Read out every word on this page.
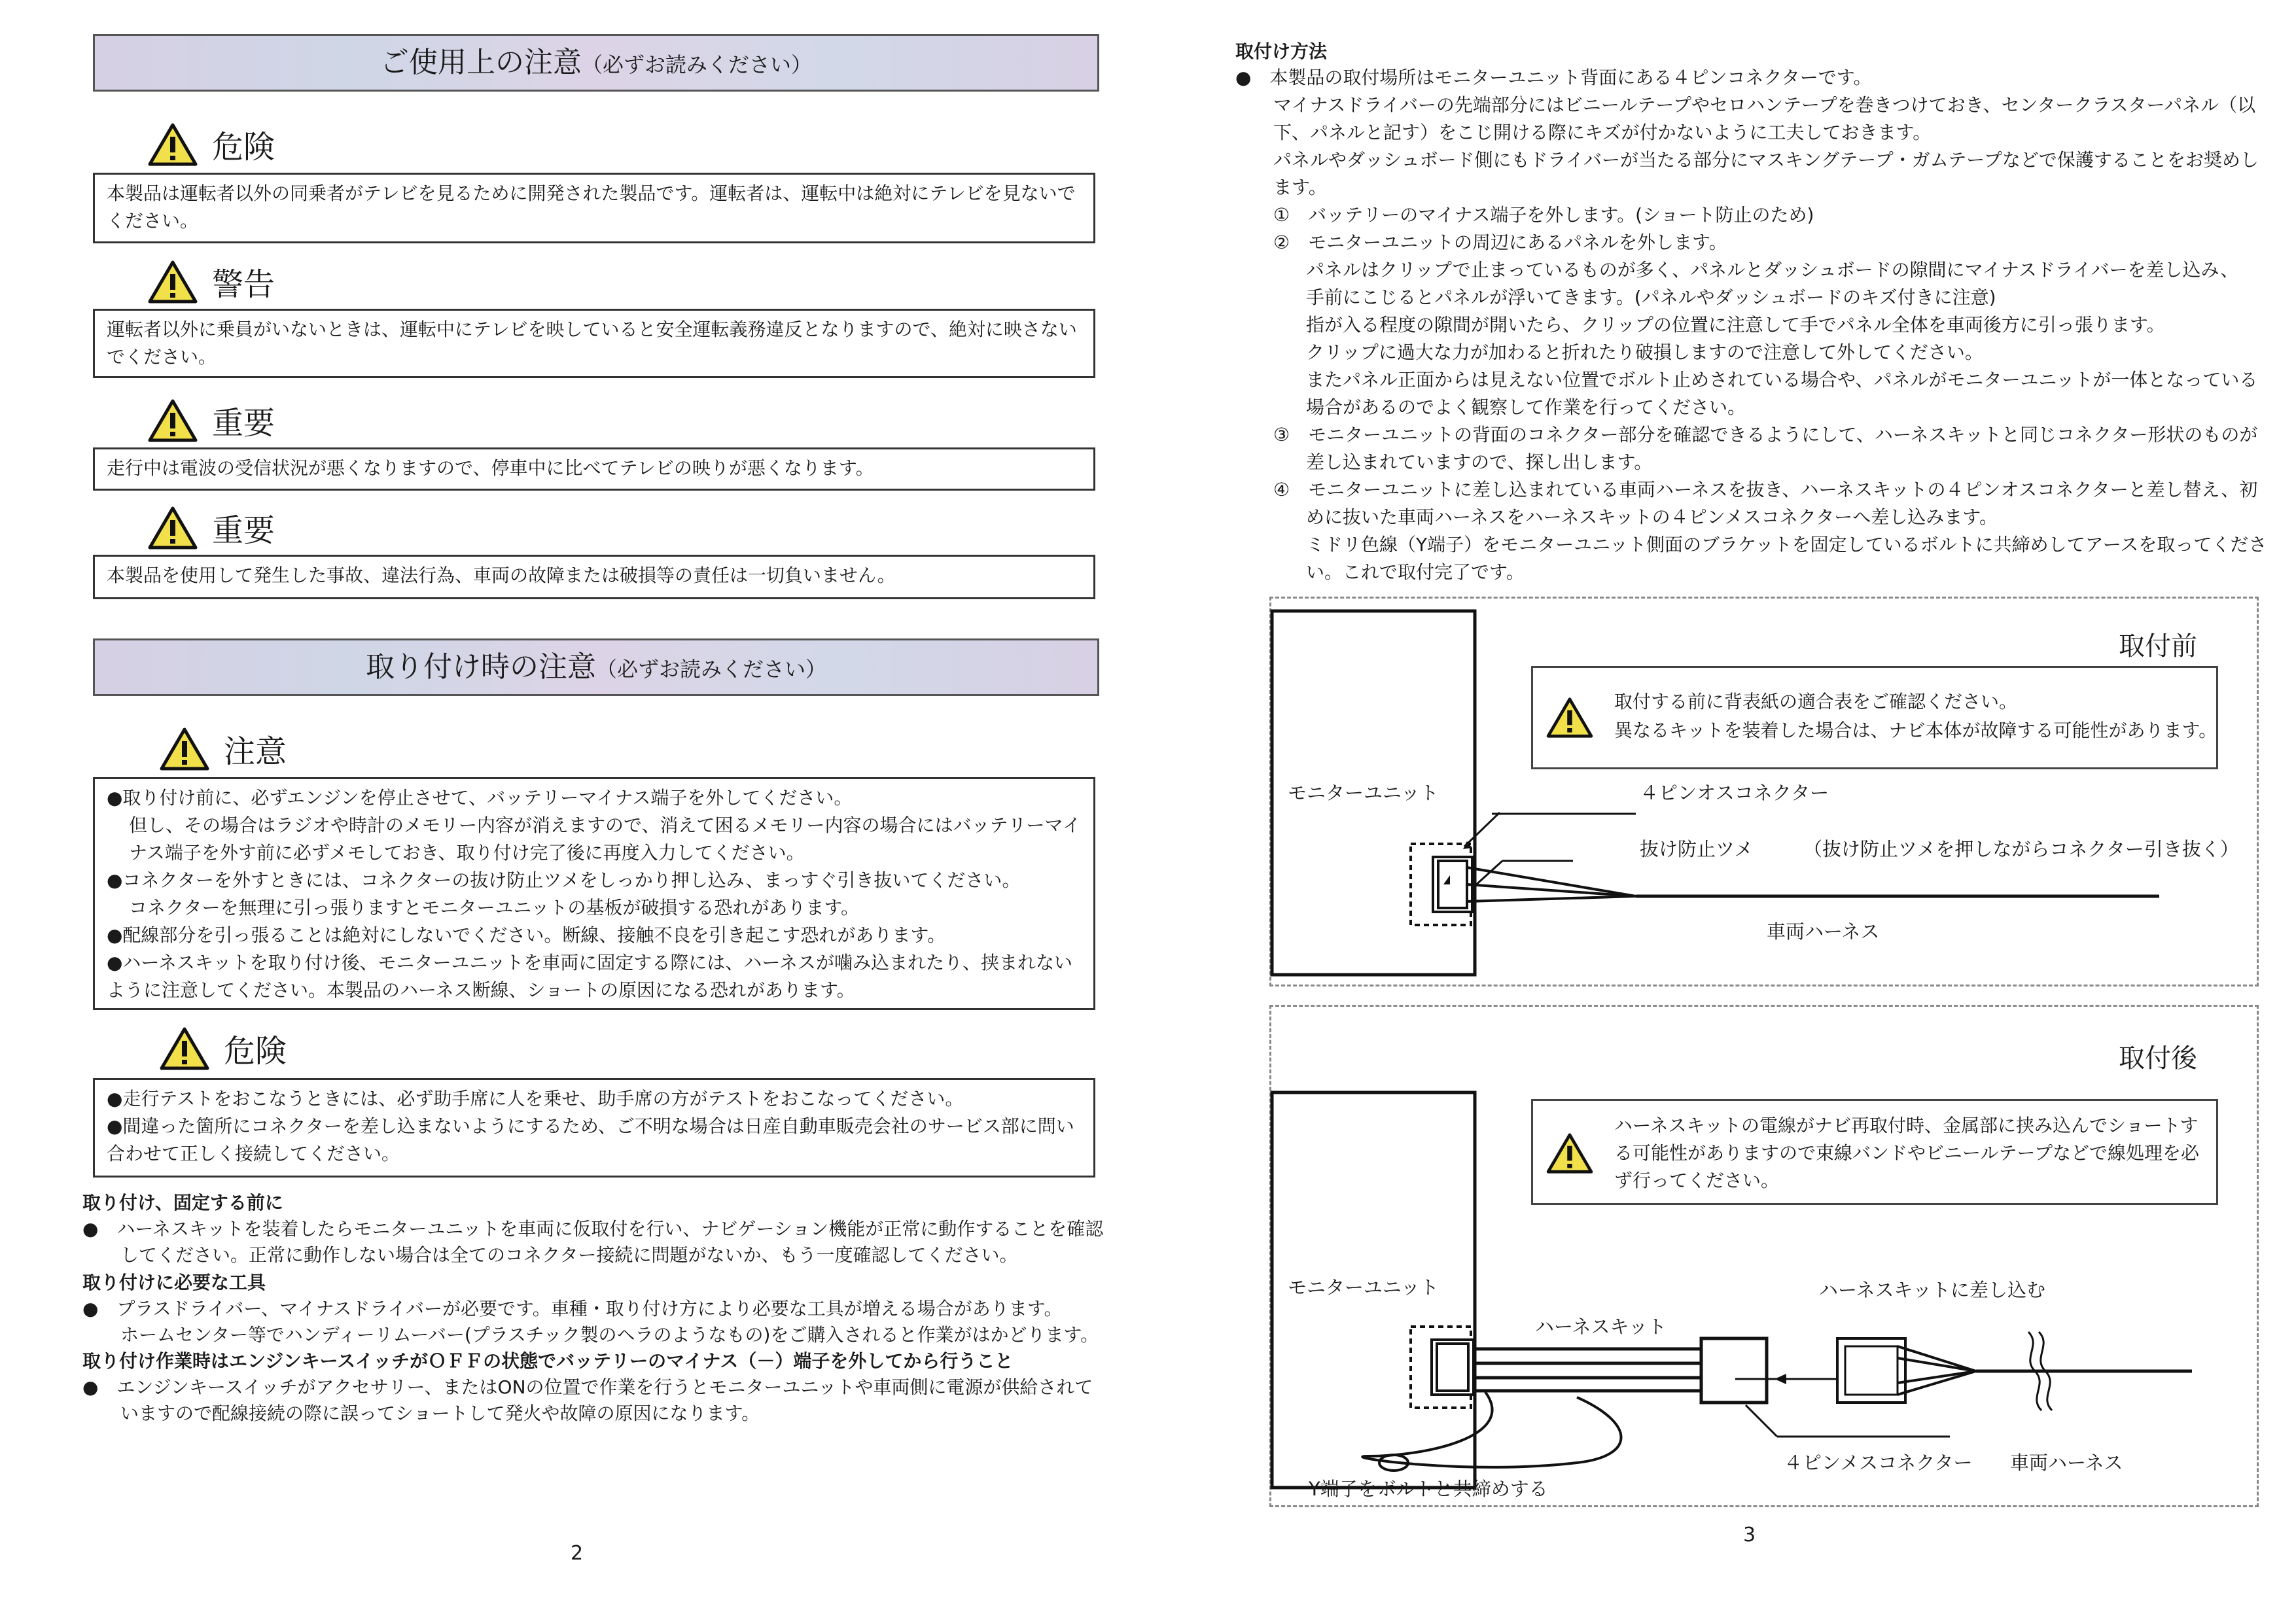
ご使用上の注意（必ずお読みください）
危険

本製品は運転者以外の同乗者がテレビを見るために開発された製品です。運転者は、運転中は絶対にテレビを見ないでください。

警告

運転者以外に乗員がいないときは、運転中にテレビを映していると安全運転義務違反となりますので、絶対に映さないでください。

重要

走行中は電波の受信状況が悪くなりますので、停車中に比べてテレビの映りが悪くなります。

重要

本製品を使用して発生した事故、違法行為、車両の故障または破損等の責任は一切負いません。

取り付け時の注意（必ずお読みください）
注意

●取り付け前に、必ずエンジンを停止させて、バッテリーマイナス端子を外してください。

但し、その場合はラジオや時計のメモリー内容が消えますので、消えて困るメモリー内容の場合にはバッテリーマイナス端子を外す前に必ずメモしておき、取り付け完了後に再度入力してください。

●コネクターを外すときには、コネクターの抜け防止ツメをしっかり押し込み、まっすぐ引き抜いてください。

コネクターを無理に引っ張りますとモニターユニットの基板が破損する恐れがあります。

●配線部分を引っ張ることは絶対にしないでください。断線、接触不良を引き起こす恐れがあります。

●ハーネスキットを取り付け後、モニターユニットを車両に固定する際には、ハーネスが噛み込まれたり、挟まれないように注意してください。本製品のハーネス断線、ショートの原因になる恐れがあります。

危険

●走行テストをおこなうときには、必ず助手席に人を乗せ、助手席の方がテストをおこなってください。

●間違った箇所にコネクターを差し込まないようにするため、ご不明な場合は日産自動車販売会社のサービス部に問い合わせて正しく接続してください。

取り付け、固定する前に
●　ハーネスキットを装着したらモニターユニットを車両に仮取付を行い、ナビゲーション機能が正常に動作することを確認
してください。正常に動作しない場合は全てのコネクター接続に問題がないか、もう一度確認してください。
取り付けに必要な工具
●　プラスドライバー、マイナスドライバーが必要です。車種・取り付け方により必要な工具が増える場合があります。
ホームセンター等でハンディーリムーバー(プラスチック製のヘラのようなもの)をご購入されると作業がはかどります。
取り付け作業時はエンジンキースイッチがＯＦＦの状態でバッテリーのマイナス（－）端子を外してから行うこと
●　エンジンキースイッチがアクセサリー、またはONの位置で作業を行うとモニターユニットや車両側に電源が供給されて
いますので配線接続の際に誤ってショートして発火や故障の原因になります。
2
取付け方法
●　本製品の取付場所はモニターユニット背面にある４ピンコネクターです。
マイナスドライバーの先端部分にはビニールテープやセロハンテープを巻きつけておき、センタークラスターパネル（以
下、パネルと記す）をこじ開ける際にキズが付かないように工夫しておきます。
パネルやダッシュボード側にもドライバーが当たる部分にマスキングテープ・ガムテープなどで保護することをお奨めし
ます。
①　バッテリーのマイナス端子を外します。(ショート防止のため)
②　モニターユニットの周辺にあるパネルを外します。
パネルはクリップで止まっているものが多く、パネルとダッシュボードの隙間にマイナスドライバーを差し込み、
手前にこじるとパネルが浮いてきます。(パネルやダッシュボードのキズ付きに注意)
指が入る程度の隙間が開いたら、クリップの位置に注意して手でパネル全体を車両後方に引っ張ります。
クリップに過大な力が加わると折れたり破損しますので注意して外してください。
またパネル正面からは見えない位置でボルト止めされている場合や、パネルがモニターユニットが一体となっている
場合があるのでよく観察して作業を行ってください。
③　モニターユニットの背面のコネクター部分を確認できるようにして、ハーネスキットと同じコネクター形状のものが
差し込まれていますので、探し出します。
④　モニターユニットに差し込まれている車両ハーネスを抜き、ハーネスキットの４ピンオスコネクターと差し替え、初
めに抜いた車両ハーネスをハーネスキットの４ピンメスコネクターへ差し込みます。
ミドリ色線（Y端子）をモニターユニット側面のブラケットを固定しているボルトに共締めしてアースを取ってくださ
い。これで取付完了です。
取付前
取付する前に背表紙の適合表をご確認ください。
異なるキットを装着した場合は、ナビ本体が故障する可能性があります。
モニターユニット	４ピンオスコネクター
抜け防止ツメ	（抜け防止ツメを押しながらコネクター引き抜く）
車両ハーネス
取付後
ハーネスキットの電線がナビ再取付時、金属部に挟み込んでショートす
る可能性がありますので束線バンドやビニールテープなどで線処理を必
ず行ってください。
モニターユニット
ハーネスキット
ハーネスキットに差し込む
４ピンメスコネクター 車両ハーネス
Y端子をボルトと共締めする
3
